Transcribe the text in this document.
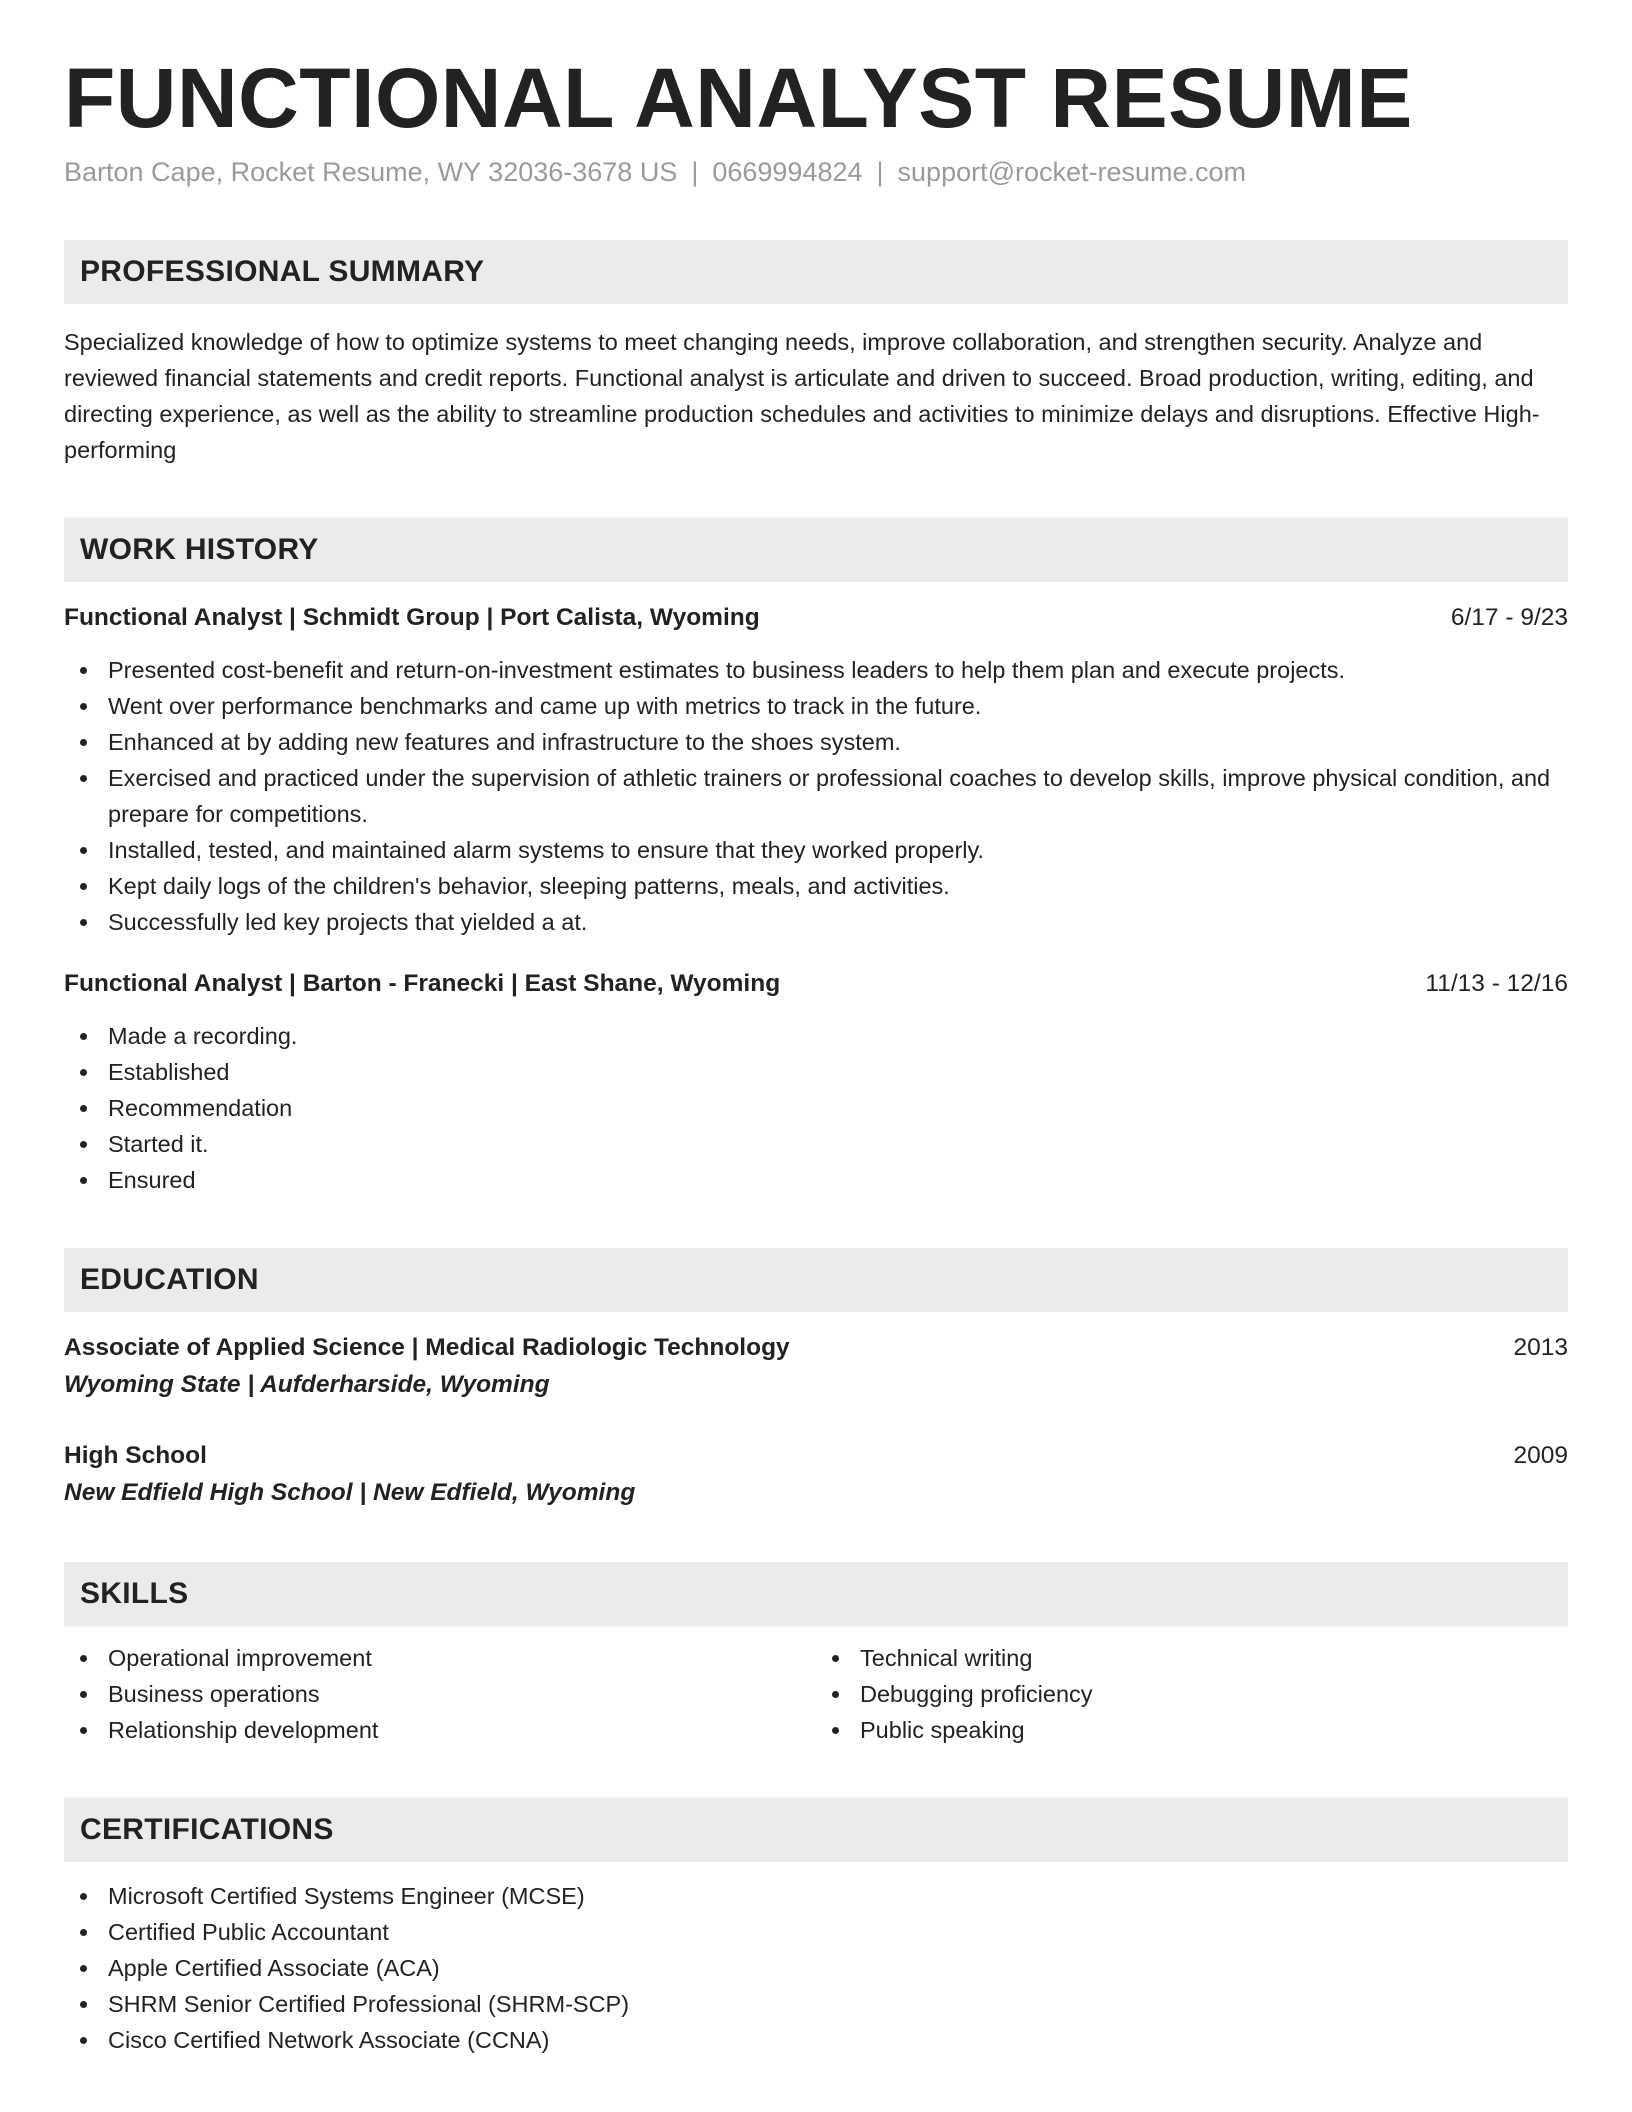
FUNCTIONAL ANALYST RESUME
Barton Cape, Rocket Resume, WY 32036-3678 US | 0669994824 | support@rocket-resume.com
PROFESSIONAL SUMMARY

Specialized knowledge of how to optimize systems to meet changing needs, improve collaboration, and strengthen security. Analyze and reviewed financial statements and credit reports. Functional analyst is articulate and driven to succeed. Broad production, writing, editing, and directing experience, as well as the ability to streamline production schedules and activities to minimize delays and disruptions. Effective High-performing

WORK HISTORY
Functional Analyst | Schmidt Group | Port Calista, Wyoming	6/17 - 9/23
Presented cost-benefit and return-on-investment estimates to business leaders to help them plan and execute projects.
Went over performance benchmarks and came up with metrics to track in the future.
Enhanced at by adding new features and infrastructure to the shoes system.
Exercised and practiced under the supervision of athletic trainers or professional coaches to develop skills, improve physical condition, and prepare for competitions.
Installed, tested, and maintained alarm systems to ensure that they worked properly.
Kept daily logs of the children's behavior, sleeping patterns, meals, and activities.
Successfully led key projects that yielded a at.
Functional Analyst | Barton - Franecki | East Shane, Wyoming	11/13 - 12/16
Made a recording.
Established
Recommendation
Started it.
Ensured
EDUCATION
Associate of Applied Science | Medical Radiologic Technology	2013
Wyoming State | Aufderharside, Wyoming
High School	2009
New Edfield High School | New Edfield, Wyoming
SKILLS
Operational improvement
Business operations
Relationship development
Technical writing
Debugging proficiency
Public speaking
CERTIFICATIONS
Microsoft Certified Systems Engineer (MCSE)
Certified Public Accountant
Apple Certified Associate (ACA)
SHRM Senior Certified Professional (SHRM-SCP)
Cisco Certified Network Associate (CCNA)
